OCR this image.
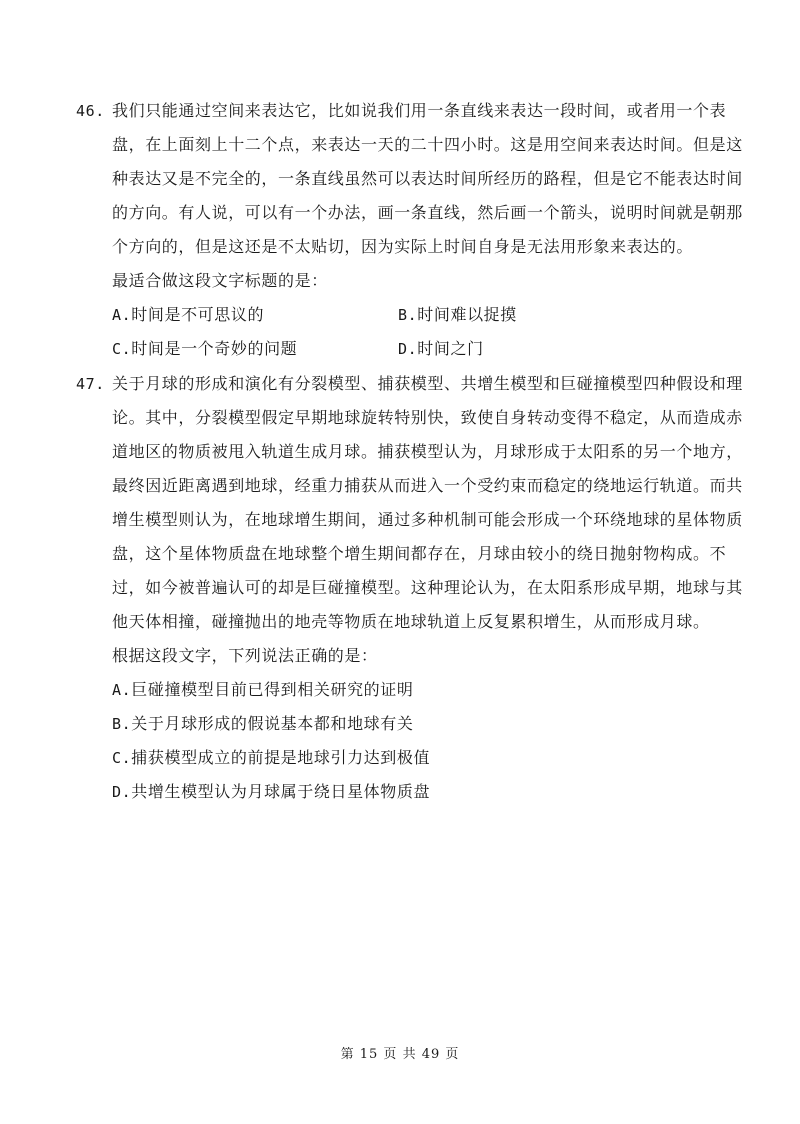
46. 我们只能通过空间来表达它，比如说我们用一条直线来表达一段时间，或者用一个表
盘，在上面刻上十二个点，来表达一天的二十四小时。这是用空间来表达时间。但是这
种表达又是不完全的，一条直线虽然可以表达时间所经历的路程，但是它不能表达时间
的方向。有人说，可以有一个办法，画一条直线，然后画一个箭头，说明时间就是朝那
个方向的，但是这还是不太贴切，因为实际上时间自身是无法用形象来表达的。
最适合做这段文字标题的是：
A.时间是不可思议的	B.时间难以捉摸
C.时间是一个奇妙的问题	D.时间之门
47. 关于月球的形成和演化有分裂模型、捕获模型、共增生模型和巨碰撞模型四种假设和理
论。其中，分裂模型假定早期地球旋转特别快，致使自身转动变得不稳定，从而造成赤
道地区的物质被甩入轨道生成月球。捕获模型认为，月球形成于太阳系的另一个地方，
最终因近距离遇到地球，经重力捕获从而进入一个受约束而稳定的绕地运行轨道。而共
增生模型则认为，在地球增生期间，通过多种机制可能会形成一个环绕地球的星体物质
盘，这个星体物质盘在地球整个增生期间都存在，月球由较小的绕日抛射物构成。不
过，如今被普遍认可的却是巨碰撞模型。这种理论认为，在太阳系形成早期，地球与其
他天体相撞，碰撞抛出的地壳等物质在地球轨道上反复累积增生，从而形成月球。
根据这段文字，下列说法正确的是：
A.巨碰撞模型目前已得到相关研究的证明
B.关于月球形成的假说基本都和地球有关
C.捕获模型成立的前提是地球引力达到极值
D.共增生模型认为月球属于绕日星体物质盘
第 15 页 共 49 页
